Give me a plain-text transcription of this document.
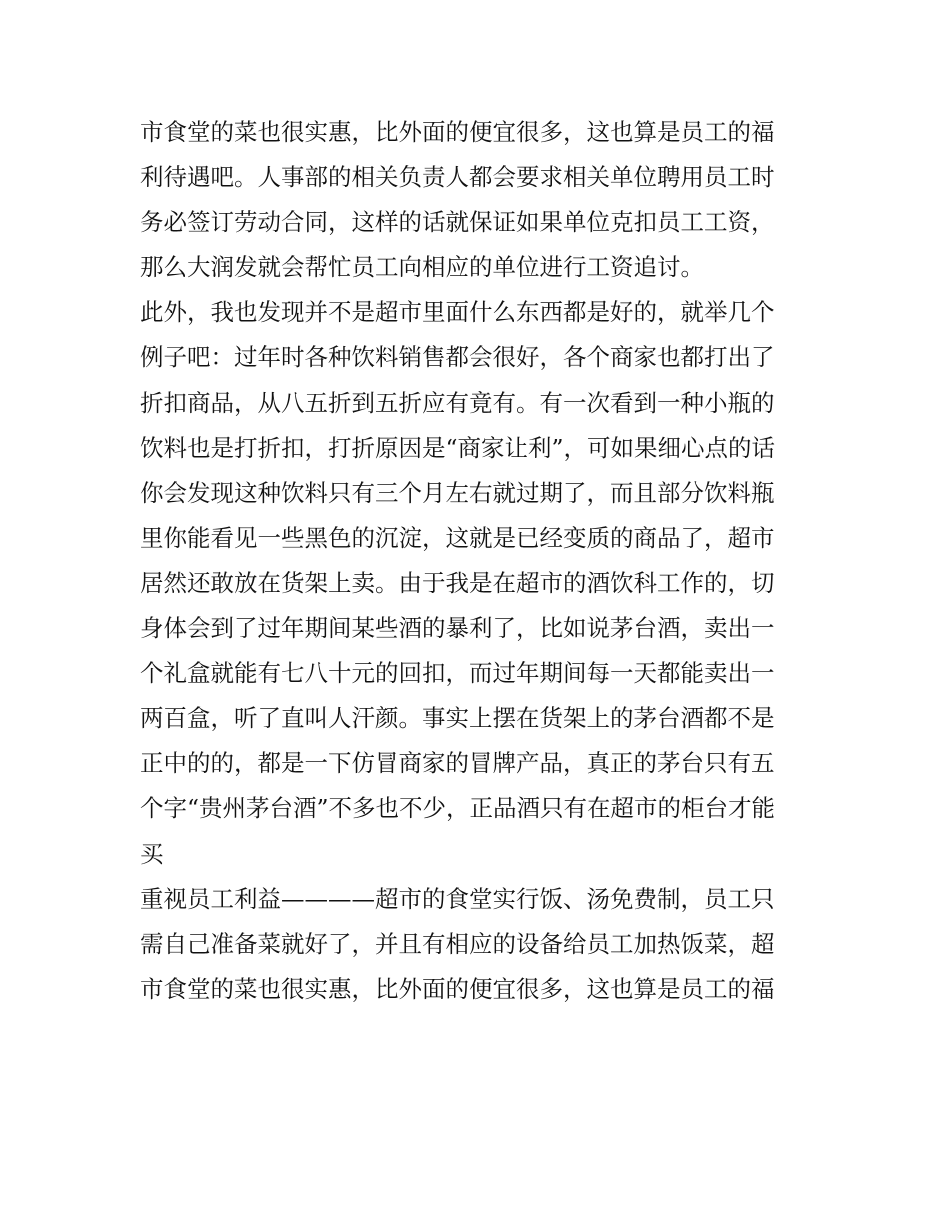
市食堂的菜也很实惠，比外面的便宜很多，这也算是员工的福
利待遇吧。人事部的相关负责人都会要求相关单位聘用员工时
务必签订劳动合同，这样的话就保证如果单位克扣员工工资，
那么大润发就会帮忙员工向相应的单位进行工资追讨。
此外，我也发现并不是超市里面什么东西都是好的，就举几个
例子吧：过年时各种饮料销售都会很好，各个商家也都打出了
折扣商品，从八五折到五折应有竟有。有一次看到一种小瓶的
饮料也是打折扣，打折原因是“商家让利”，可如果细心点的话
你会发现这种饮料只有三个月左右就过期了，而且部分饮料瓶
里你能看见一些黑色的沉淀，这就是已经变质的商品了，超市
居然还敢放在货架上卖。由于我是在超市的酒饮科工作的，切
身体会到了过年期间某些酒的暴利了，比如说茅台酒，卖出一
个礼盒就能有七八十元的回扣，而过年期间每一天都能卖出一
两百盒，听了直叫人汗颜。事实上摆在货架上的茅台酒都不是
正中的的，都是一下仿冒商家的冒牌产品，真正的茅台只有五
个字“贵州茅台酒”不多也不少，正品酒只有在超市的柜台才能
买
重视员工利益————超市的食堂实行饭、汤免费制，员工只
需自己准备菜就好了，并且有相应的设备给员工加热饭菜，超
市食堂的菜也很实惠，比外面的便宜很多，这也算是员工的福
